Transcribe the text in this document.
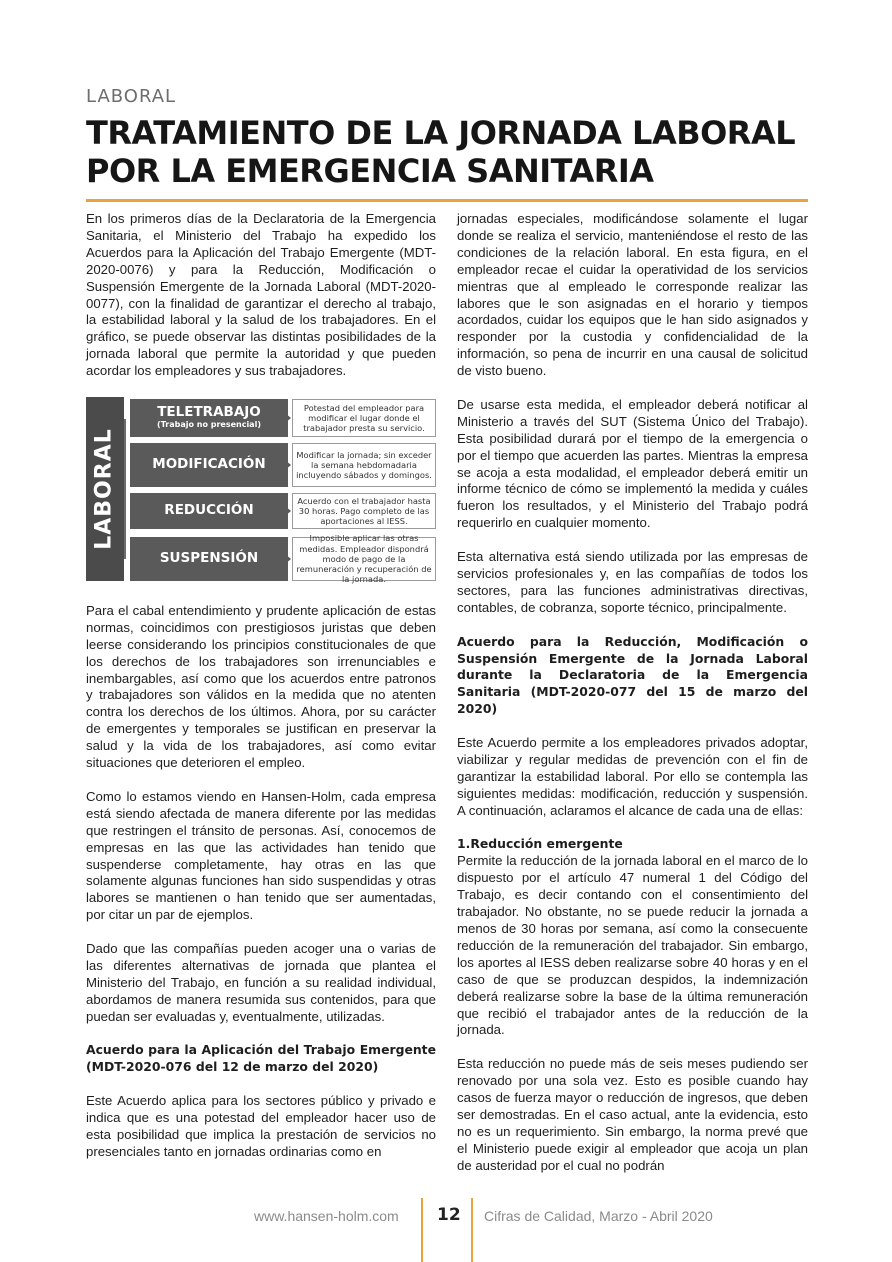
LABORAL
TRATAMIENTO DE LA JORNADA LABORAL
POR LA EMERGENCIA SANITARIA

En los primeros días de la Declaratoria de la Emergencia Sanitaria, el Ministerio del Trabajo ha expedido los Acuerdos para la Aplicación del Trabajo Emergente (MDT-2020-0076) y para la Reducción, Modificación o Suspensión Emergente de la Jornada Laboral (MDT-2020-0077), con la finalidad de garantizar el derecho al trabajo, la estabilidad laboral y la salud de los trabajadores. En el gráfico, se puede observar las distintas posibilidades de la jornada laboral que permite la autoridad y que pueden acordar los empleadores y sus trabajadores.

LABORAL
TELETRABAJO
(Trabajo no presencial)
Potestad del empleador para modificar el lugar donde el trabajador presta su servicio.
MODIFICACIÓN
Modificar la jornada; sin exceder la semana hebdomadaria incluyendo sábados y domingos.
REDUCCIÓN
Acuerdo con el trabajador hasta 30 horas. Pago completo de las aportaciones al IESS.
SUSPENSIÓN
Imposible aplicar las otras medidas. Empleador dispondrá modo de pago de la remuneración y recuperación de la jornada.

Para el cabal entendimiento y prudente aplicación de estas normas, coincidimos con prestigiosos juristas que deben leerse considerando los principios constitucionales de que los derechos de los trabajadores son irrenunciables e inembargables, así como que los acuerdos entre patronos y trabajadores son válidos en la medida que no atenten contra los derechos de los últimos. Ahora, por su carácter de emergentes y temporales se justifican en preservar la salud y la vida de los trabajadores, así como evitar situaciones que deterioren el empleo.

Como lo estamos viendo en Hansen-Holm, cada empresa está siendo afectada de manera diferente por las medidas que restringen el tránsito de personas. Así, conocemos de empresas en las que las actividades han tenido que suspenderse completamente, hay otras en las que solamente algunas funciones han sido suspendidas y otras labores se mantienen o han tenido que ser aumentadas, por citar un par de ejemplos.

Dado que las compañías pueden acoger una o varias de las diferentes alternativas de jornada que plantea el Ministerio del Trabajo, en función a su realidad individual, abordamos de manera resumida sus contenidos, para que puedan ser evaluadas y, eventualmente, utilizadas.

Acuerdo para la Aplicación del Trabajo Emergente (MDT-2020-076 del 12 de marzo del 2020)

Este Acuerdo aplica para los sectores público y privado e indica que es una potestad del empleador hacer uso de esta posibilidad que implica la prestación de servicios no presenciales tanto en jornadas ordinarias como en

jornadas especiales, modificándose solamente el lugar donde se realiza el servicio, manteniéndose el resto de las condiciones de la relación laboral. En esta figura, en el empleador recae el cuidar la operatividad de los servicios mientras que al empleado le corresponde realizar las labores que le son asignadas en el horario y tiempos acordados, cuidar los equipos que le han sido asignados y responder por la custodia y confidencialidad de la información, so pena de incurrir en una causal de solicitud de visto bueno.

De usarse esta medida, el empleador deberá notificar al Ministerio a través del SUT (Sistema Único del Trabajo). Esta posibilidad durará por el tiempo de la emergencia o por el tiempo que acuerden las partes. Mientras la empresa se acoja a esta modalidad, el empleador deberá emitir un informe técnico de cómo se implementó la medida y cuáles fueron los resultados, y el Ministerio del Trabajo podrá requerirlo en cualquier momento.

Esta alternativa está siendo utilizada por las empresas de servicios profesionales y, en las compañías de todos los sectores, para las funciones administrativas directivas, contables, de cobranza, soporte técnico, principalmente.

Acuerdo para la Reducción, Modificación o Suspensión Emergente de la Jornada Laboral durante la Declaratoria de la Emergencia Sanitaria (MDT-2020-077 del 15 de marzo del 2020)

Este Acuerdo permite a los empleadores privados adoptar, viabilizar y regular medidas de prevención con el fin de garantizar la estabilidad laboral. Por ello se contempla las siguientes medidas: modificación, reducción y suspensión. A continuación, aclaramos el alcance de cada una de ellas:

1.Reducción emergente

Permite la reducción de la jornada laboral en el marco de lo dispuesto por el artículo 47 numeral 1 del Código del Trabajo, es decir contando con el consentimiento del trabajador. No obstante, no se puede reducir la jornada a menos de 30 horas por semana, así como la consecuente reducción de la remuneración del trabajador. Sin embargo, los aportes al IESS deben realizarse sobre 40 horas y en el caso de que se produzcan despidos, la indemnización deberá realizarse sobre la base de la última remuneración que recibió el trabajador antes de la reducción de la jornada.

Esta reducción no puede más de seis meses pudiendo ser renovado por una sola vez. Esto es posible cuando hay casos de fuerza mayor o reducción de ingresos, que deben ser demostradas. En el caso actual, ante la evidencia, esto no es un requerimiento. Sin embargo, la norma prevé que el Ministerio puede exigir al empleador que acoja un plan de austeridad por el cual no podrán

www.hansen-holm.com 12 Cifras de Calidad, Marzo - Abril 2020
